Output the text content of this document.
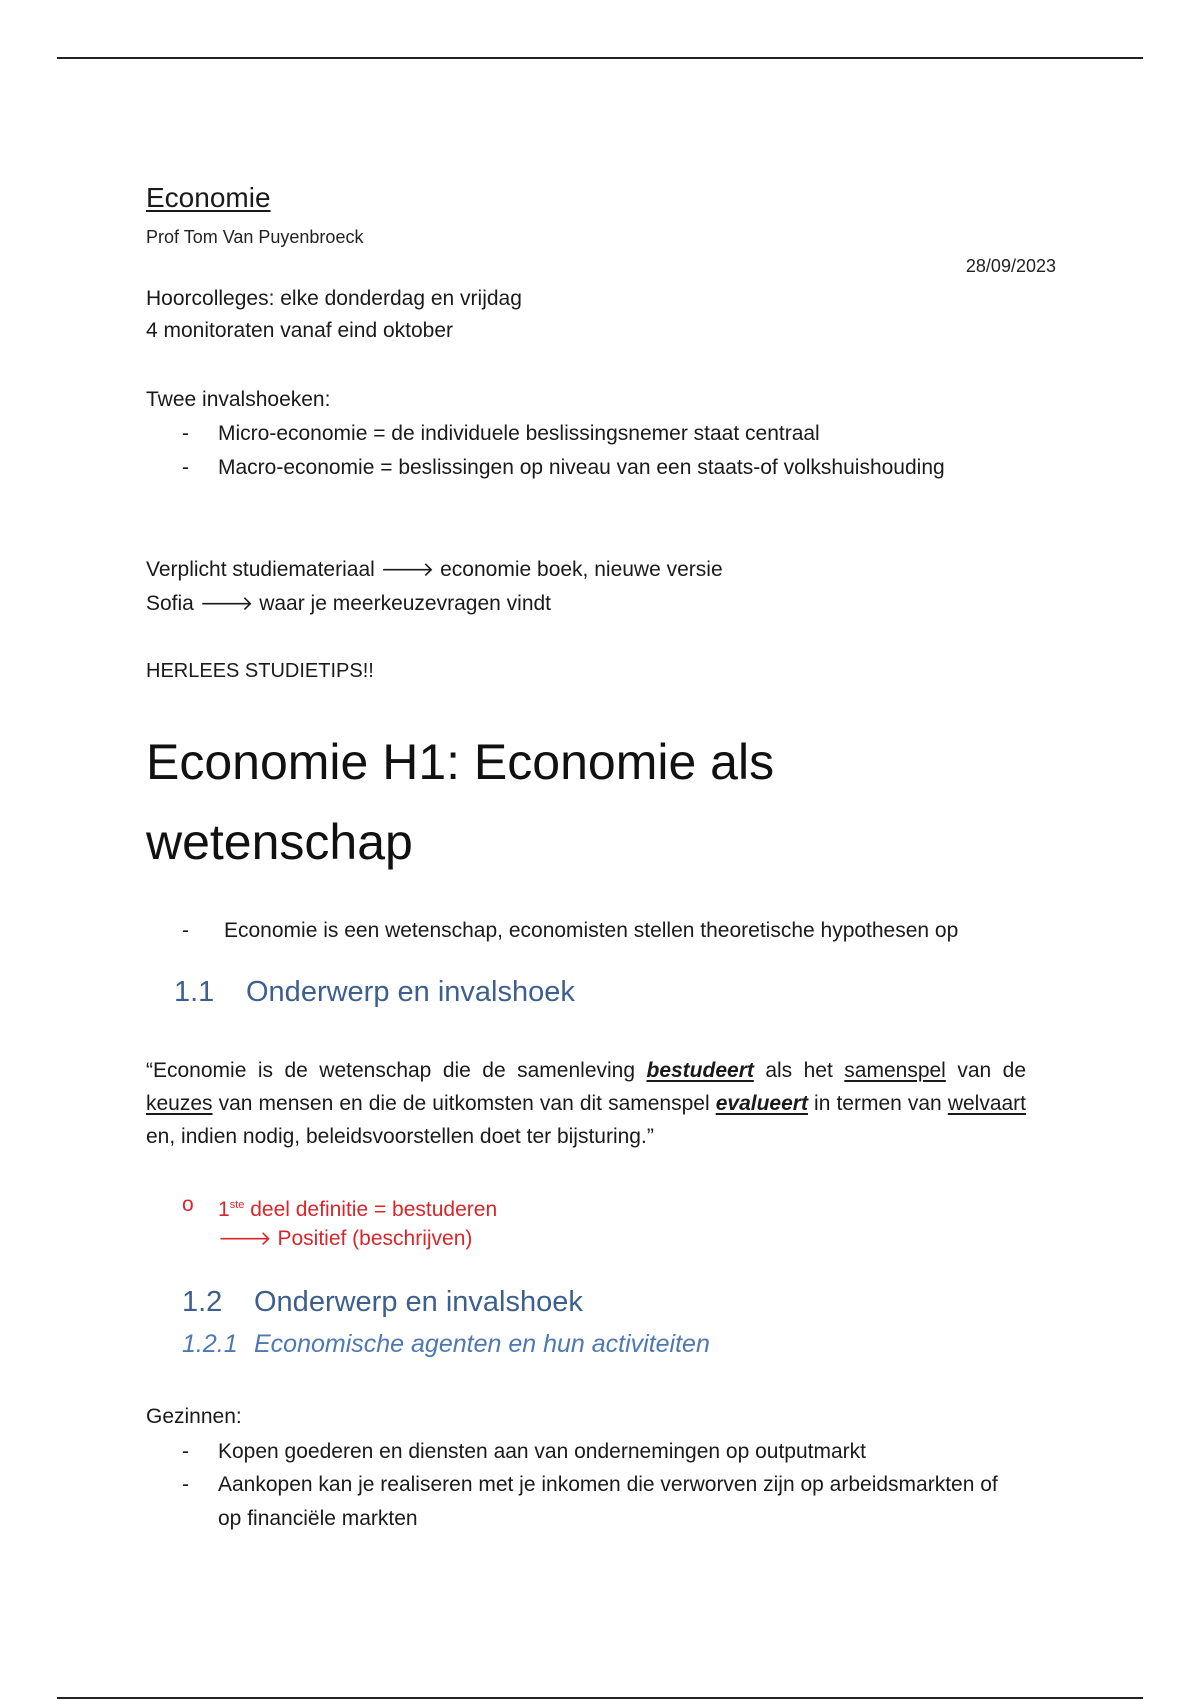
Economie
Prof Tom Van Puyenbroeck
28/09/2023
Hoorcolleges: elke donderdag en vrijdag
4 monitoraten vanaf eind oktober
Twee invalshoeken:
- Micro-economie = de individuele beslissingsnemer staat centraal
- Macro-economie = beslissingen op niveau van een staats-of volkshuishouding
Verplicht studiemateriaal 🡒 economie boek, nieuwe versie
Sofia 🡒 waar je meerkeuzevragen vindt
HERLEES STUDIETIPS!!
Economie H1: Economie als wetenschap
- Economie is een wetenschap, economisten stellen theoretische hypothesen op
1.1 Onderwerp en invalshoek
“Economie is de wetenschap die de samenleving bestudeert als het samenspel van de keuzes van mensen en die de uitkomsten van dit samenspel evalueert in termen van welvaart en, indien nodig, beleidsvoorstellen doet ter bijsturing.”
o 1ste deel definitie = bestuderen
🡒 Positief (beschrijven)
1.2 Onderwerp en invalshoek
1.2.1 Economische agenten en hun activiteiten
Gezinnen:
- Kopen goederen en diensten aan van ondernemingen op outputmarkt
- Aankopen kan je realiseren met je inkomen die verworven zijn op arbeidsmarkten of
op financiële markten
